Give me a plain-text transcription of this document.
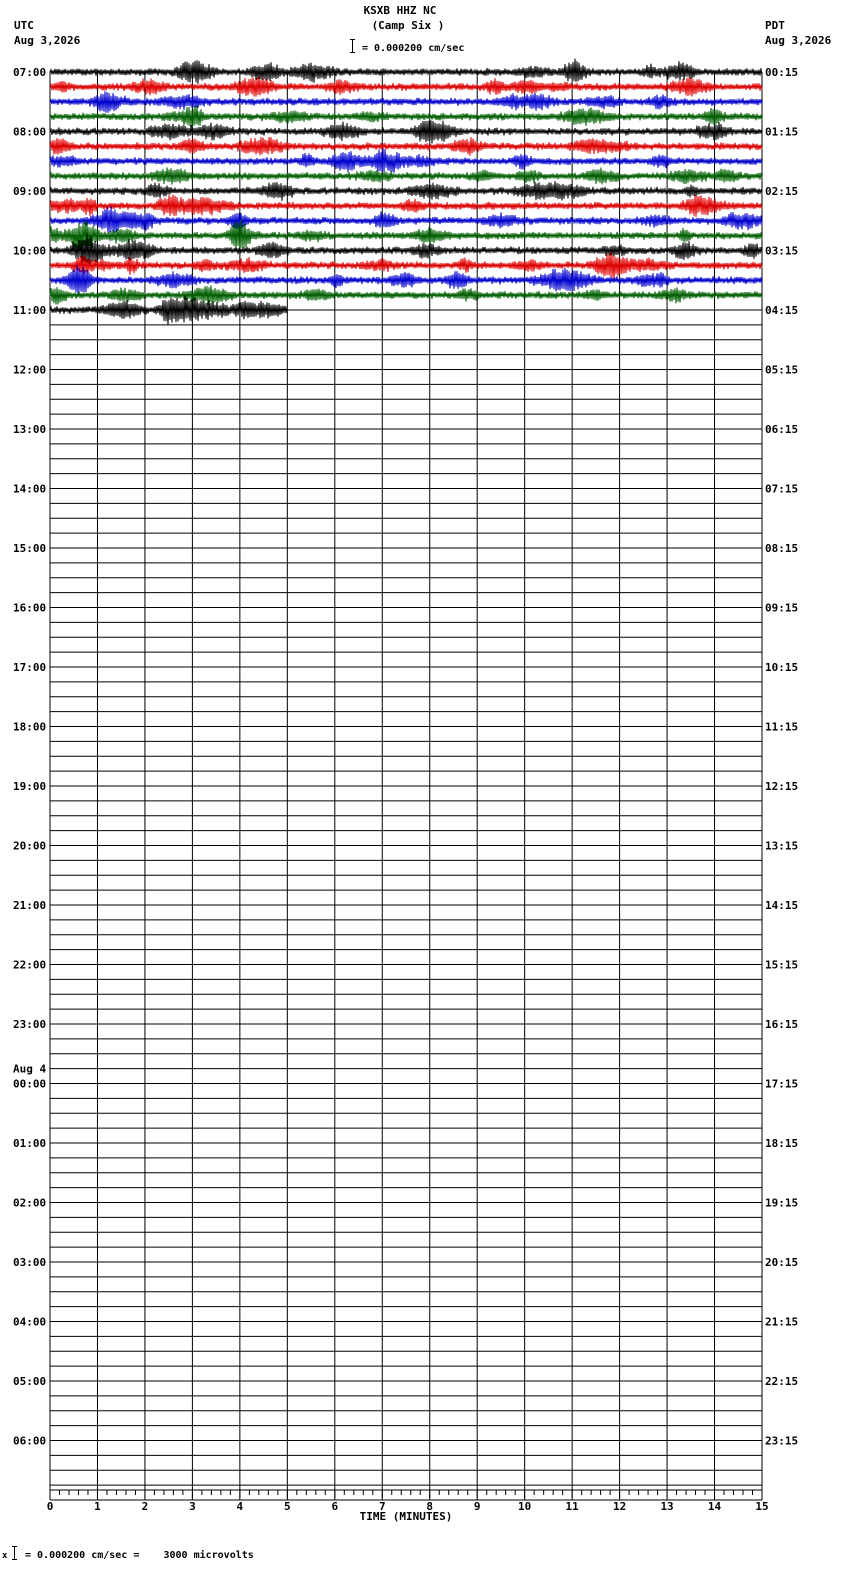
KSXB HHZ NC
(Camp Six )
UTC
Aug 3,2026
PDT
Aug 3,2026
= 0.000200 cm/sec
07:00
08:00
09:00
10:00
11:00
12:00
13:00
14:00
15:00
16:00
17:00
18:00
19:00
20:00
21:00
22:00
23:00
00:00
Aug 4
01:00
02:00
03:00
04:00
05:00
06:00
00:15
01:15
02:15
03:15
04:15
05:15
06:15
07:15
08:15
09:15
10:15
11:15
12:15
13:15
14:15
15:15
16:15
17:15
18:15
19:15
20:15
21:15
22:15
23:15
0	1	2	3	4	5	6	7	8	9	10	11	12	13	14	15
TIME (MINUTES)
x = 0.000200 cm/sec =    3000 microvolts
